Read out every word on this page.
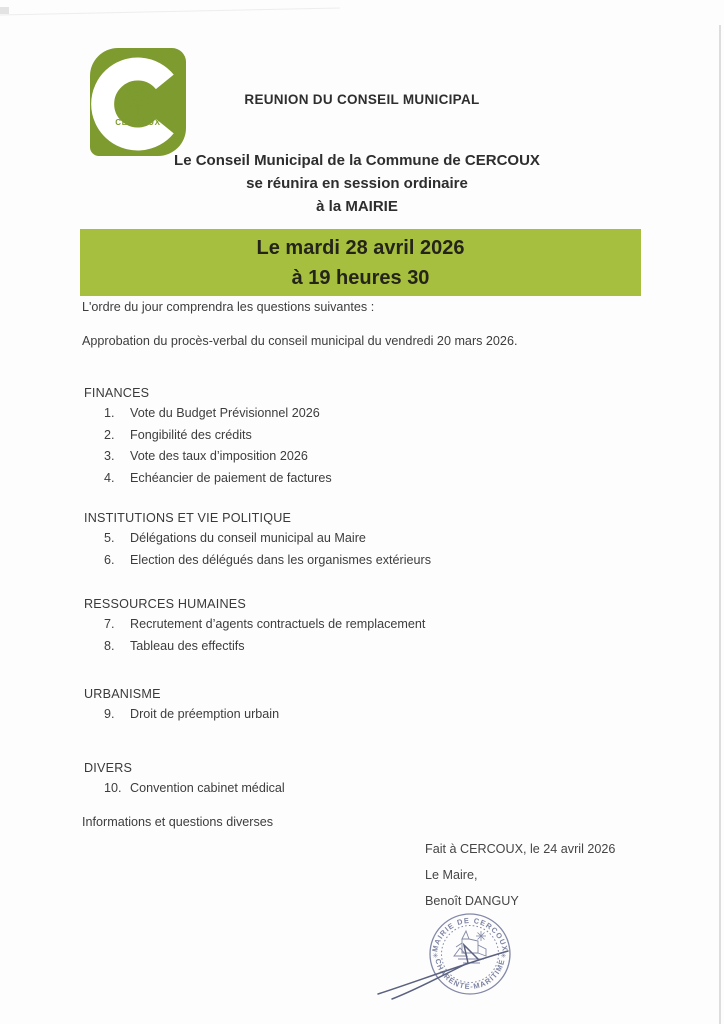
CERCOUX
REUNION DU CONSEIL MUNICIPAL
Le Conseil Municipal de la Commune de CERCOUX
se réunira en session ordinaire
à la MAIRIE
Le mardi 28 avril 2026
à 19 heures 30
L'ordre du jour comprendra les questions suivantes :
Approbation du procès-verbal du conseil municipal du vendredi 20 mars 2026.
FINANCES
1. Vote du Budget Prévisionnel 2026
2. Fongibilité des crédits
3. Vote des taux d’imposition 2026
4. Echéancier de paiement de factures
INSTITUTIONS ET VIE POLITIQUE
5. Délégations du conseil municipal au Maire
6. Election des délégués dans les organismes extérieurs
RESSOURCES HUMAINES
7. Recrutement d’agents contractuels de remplacement
8. Tableau des effectifs
URBANISME
9. Droit de préemption urbain
DIVERS
10. Convention cabinet médical
Informations et questions diverses
Fait à CERCOUX, le 24 avril 2026
Le Maire,
Benoît DANGUY
MAIRIE DE CERCOUX
CHARENTE-MARITIME
✳	✳
